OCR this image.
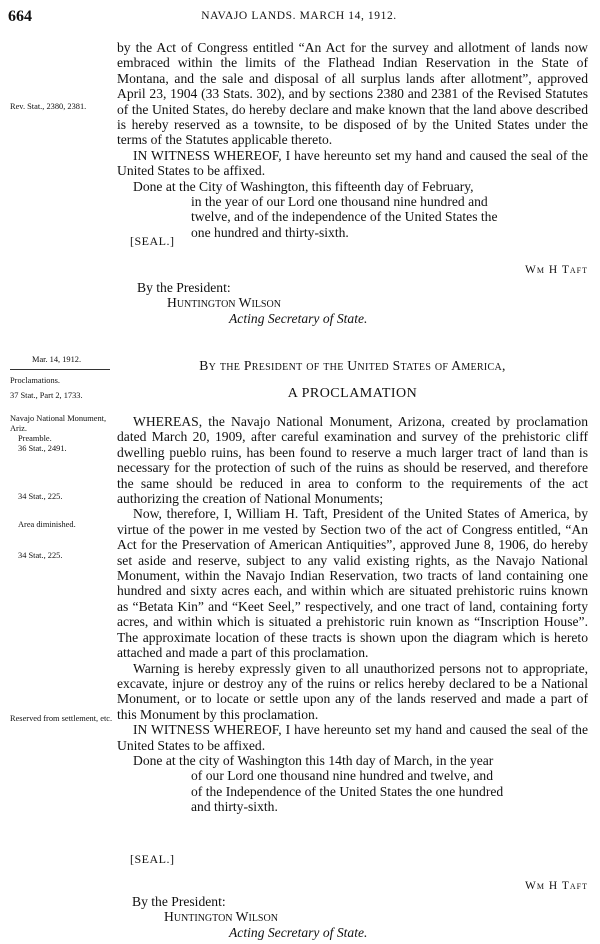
664	NAVAJO LANDS. MARCH 14, 1912.

by the Act of Congress entitled “An Act for the survey and allotment of lands now embraced within the limits of the Flathead Indian Reservation in the State of Montana, and the sale and disposal of all surplus lands after allotment”, approved April 23, 1904 (33 Stats. 302), and by sections 2380 and 2381 of the Revised Statutes of the United States, do hereby declare and make known that the land above described is hereby reserved as a townsite, to be disposed of by the United States under the terms of the Statutes applicable thereto.

IN WITNESS WHEREOF, I have hereunto set my hand and caused the seal of the United States to be affixed.

Done at the City of Washington, this fifteenth day of February,

in the year of our Lord one thousand nine hundred and

twelve, and of the independence of the United States the

one hundred and thirty-sixth.

[SEAL.]
Wm H Taft

By the President:

Huntington Wilson

Acting Secretary of State.

Rev. Stat., 2380, 2381.
Mar. 14, 1912.
Proclamations.
37 Stat., Part 2, 1733.
Navajo National Monument, Ariz.
Preamble.
36 Stat., 2491.
34 Stat., 225.
Area diminished.
34 Stat., 225.
Reserved from settlement, etc.
By the President of the United States of America,
A PROCLAMATION

WHEREAS, the Navajo National Monument, Arizona, created by proclamation dated March 20, 1909, after careful examination and survey of the prehistoric cliff dwelling pueblo ruins, has been found to reserve a much larger tract of land than is necessary for the protection of such of the ruins as should be reserved, and therefore the same should be reduced in area to conform to the requirements of the act authorizing the creation of National Monuments;

Now, therefore, I, William H. Taft, President of the United States of America, by virtue of the power in me vested by Section two of the act of Congress entitled, “An Act for the Preservation of American Antiquities”, approved June 8, 1906, do hereby set aside and reserve, subject to any valid existing rights, as the Navajo National Monument, within the Navajo Indian Reservation, two tracts of land containing one hundred and sixty acres each, and within which are situated prehistoric ruins known as “Betata Kin” and “Keet Seel,” respectively, and one tract of land, containing forty acres, and within which is situated a prehistoric ruin known as “Inscription House”. The approximate location of these tracts is shown upon the diagram which is hereto attached and made a part of this proclamation.

Warning is hereby expressly given to all unauthorized persons not to appropriate, excavate, injure or destroy any of the ruins or relics hereby declared to be a National Monument, or to locate or settle upon any of the lands reserved and made a part of this Monument by this proclamation.

IN WITNESS WHEREOF, I have hereunto set my hand and caused the seal of the United States to be affixed.

Done at the city of Washington this 14th day of March, in the year

of our Lord one thousand nine hundred and twelve, and

of the Independence of the United States the one hundred

and thirty-sixth.

[SEAL.]
Wm H Taft

By the President:

Huntington Wilson

Acting Secretary of State.
